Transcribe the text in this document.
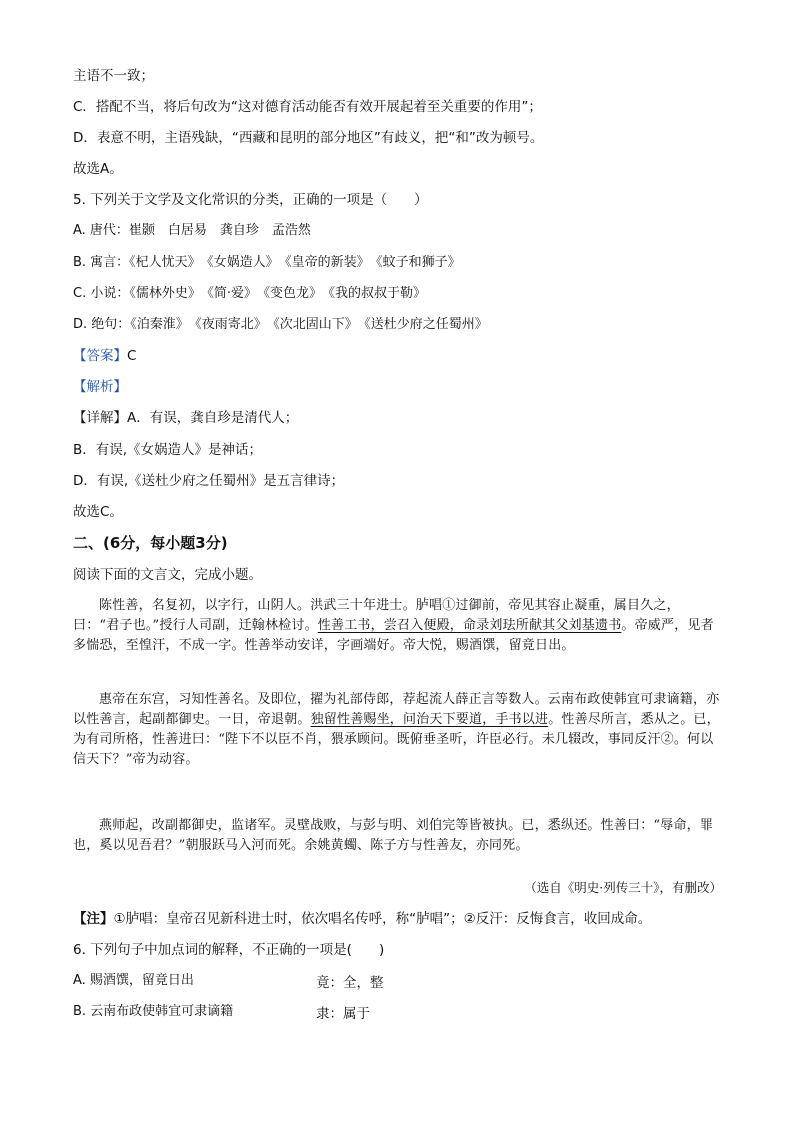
主语不一致；
C．搭配不当，将后句改为“这对德育活动能否有效开展起着至关重要的作用”；
D．表意不明，主语残缺，“西藏和昆明的部分地区”有歧义，把“和”改为顿号。
故选A。
5. 下列关于文学及文化常识的分类，正确的一项是（　　）
A. 唐代：崔颢　白居易　龚自珍　孟浩然
B. 寓言：《杞人忧天》　《女娲造人》　《皇帝的新装》　《蚊子和狮子》
C. 小说：《儒林外史》　《简·爱》　《变色龙》　《我的叔叔于勒》
D. 绝句：《泊秦淮》　《夜雨寄北》　《次北固山下》　《送杜少府之任蜀州》
【答案】C
【解析】
【详解】A．有误，龚自珍是清代人；
B．有误,《女娲造人》是神话；
D．有误,《送杜少府之任蜀州》是五言律诗；
故选C。
二、(6分，每小题3分)
阅读下面的文言文，完成小题。
陈性善，名复初，以字行，山阴人。洪武三十年进士。胪唱①过御前，帝见其容止凝重，属目久之，曰：“君子也。”授行人司副，迁翰林检讨。性善工书，尝召入便殿，命录刘珐所献其父刘基遗书。帝威严，见者多惴恐，至惶汗，不成一字。性善举动安详，字画端好。帝大悦，赐酒馔，留竟日出。
惠帝在东宫，习知性善名。及即位，擢为礼部侍郎，荐起流人薛正言等数人。云南布政使韩宜可隶谪籍，亦以性善言，起副都御史。一日，帝退朝。独留性善赐坐，问治天下要道，手书以进。性善尽所言，悉从之。已，为有司所格，性善进曰：“陛下不以臣不肖，猥承顾问。既俯垂圣听，许臣必行。未几辍改，事同反汗②。何以信天下？”帝为动容。
燕师起，改副都御史，监诸军。灵壁战败，与彭与明、刘伯完等皆被执。已，悉纵还。性善曰：“辱命，罪也，奚以见吾君？”朝服跃马入河而死。余姚黄蠋、陈子方与性善友，亦同死。
（选自《明史·列传三十》，有删改）
【注】①胪唱：皇帝召见新科进士时，依次唱名传呼，称“胪唱”；②反汗：反悔食言，收回成命。
6. 下列句子中加点词的解释，不正确的一项是(　　)
A. 赐酒馔，留竟日出	竟：全，整
B. 云南布政使韩宜可隶谪籍	隶：属于
